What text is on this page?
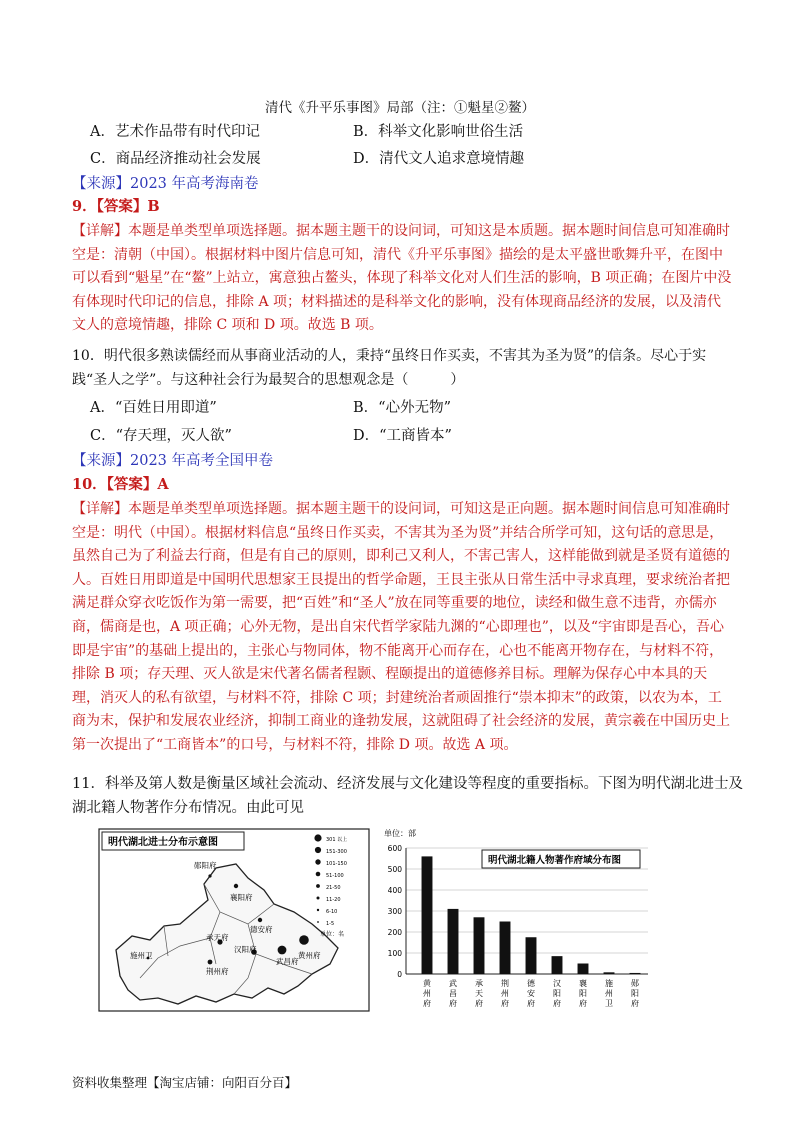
清代《升平乐事图》局部（注：①魁星②鳌）
A．艺术作品带有时代印记	B．科举文化影响世俗生活
C．商品经济推动社会发展	D．清代文人追求意境情趣
【来源】2023 年高考海南卷
9．【答案】B
【详解】本题是单类型单项选择题。据本题主题干的设问词，可知这是本质题。据本题时间信息可知准确时空是：清朝（中国）。根据材料中图片信息可知，清代《升平乐事图》描绘的是太平盛世歌舞升平，在图中可以看到“魁星”在“鳌”上站立，寓意独占鳌头，体现了科举文化对人们生活的影响，B 项正确；在图片中没有体现时代印记的信息，排除 A 项；材料描述的是科举文化的影响，没有体现商品经济的发展，以及清代文人的意境情趣，排除 C 项和 D 项。故选 B 项。
10．明代很多熟读儒经而从事商业活动的人，秉持“虽终日作买卖，不害其为圣为贤”的信条。尽心于实践“圣人之学”。与这种社会行为最契合的思想观念是（　　　）
A．“百姓日用即道”	B．“心外无物”
C．“存天理，灭人欲”	D．“工商皆本”
【来源】2023 年高考全国甲卷
10．【答案】A
【详解】本题是单类型单项选择题。据本题主题干的设问词，可知这是正向题。据本题时间信息可知准确时空是：明代（中国）。根据材料信息“虽终日作买卖，不害其为圣为贤”并结合所学可知，这句话的意思是，虽然自己为了利益去行商，但是有自己的原则，即利己又利人，不害己害人，这样能做到就是圣贤有道德的人。百姓日用即道是中国明代思想家王艮提出的哲学命题，王艮主张从日常生活中寻求真理，要求统治者把满足群众穿衣吃饭作为第一需要，把“百姓”和“圣人”放在同等重要的地位，读经和做生意不违背，亦儒亦商，儒商是也，A 项正确；心外无物，是出自宋代哲学家陆九渊的“心即理也”，以及“宇宙即是吾心，吾心即是宇宙”的基础上提出的，主张心与物同体，物不能离开心而存在，心也不能离开物存在，与材料不符，排除 B 项；存天理、灭人欲是宋代著名儒者程颢、程颐提出的道德修养目标。理解为保存心中本具的天理，消灭人的私有欲望，与材料不符，排除 C 项；封建统治者顽固推行“崇本抑末”的政策，以农为本，工商为末，保护和发展农业经济，抑制工商业的逢勃发展，这就阻碍了社会经济的发展，黄宗羲在中国历史上第一次提出了“工商皆本”的口号，与材料不符，排除 D 项。故选 A 项。
11．科举及第人数是衡量区域社会流动、经济发展与文化建设等程度的重要指标。下图为明代湖北进士及
湖北籍人物著作分布情况。由此可见
明代湖北进士分布示意图	301 以上
151-300
101-150
51-100
21-50
11-20
6-10
1-5
单位：名
郧阳府
襄阳府
德安府
承天府
施州卫
荆州府
汉阳府
武昌府
黄州府
单位：部
0
100
200
300
400
500
600
黄
州
府
武
昌
府
承
天
府
荆
州
府
德
安
府
汉
阳
府
襄
阳
府
施
州
卫
郧
阳
府
明代湖北籍人物著作府域分布图
资料收集整理【淘宝店铺：向阳百分百】
